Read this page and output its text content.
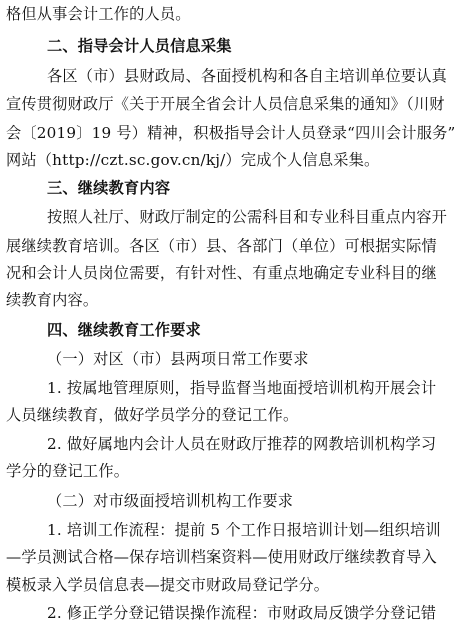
格但从事会计工作的人员。
二、指导会计人员信息采集
各区（市）县财政局、各面授机构和各自主培训单位要认真
宣传贯彻财政厅《关于开展全省会计人员信息采集的通知》（川财
会〔2019〕19 号）精神，积极指导会计人员登录“四川会计服务”
网站（http://czt.sc.gov.cn/kj/）完成个人信息采集。
三、继续教育内容
按照人社厅、财政厅制定的公需科目和专业科目重点内容开
展继续教育培训。各区（市）县、各部门（单位）可根据实际情
况和会计人员岗位需要，有针对性、有重点地确定专业科目的继
续教育内容。
四、继续教育工作要求
（一）对区（市）县两项日常工作要求
1. 按属地管理原则，指导监督当地面授培训机构开展会计
人员继续教育，做好学员学分的登记工作。
2. 做好属地内会计人员在财政厅推荐的网教培训机构学习
学分的登记工作。
（二）对市级面授培训机构工作要求
1. 培训工作流程：提前 5 个工作日报培训计划—组织培训
—学员测试合格—保存培训档案资料—使用财政厅继续教育导入
模板录入学员信息表—提交市财政局登记学分。
2. 修正学分登记错误操作流程：市财政局反馈学分登记错
